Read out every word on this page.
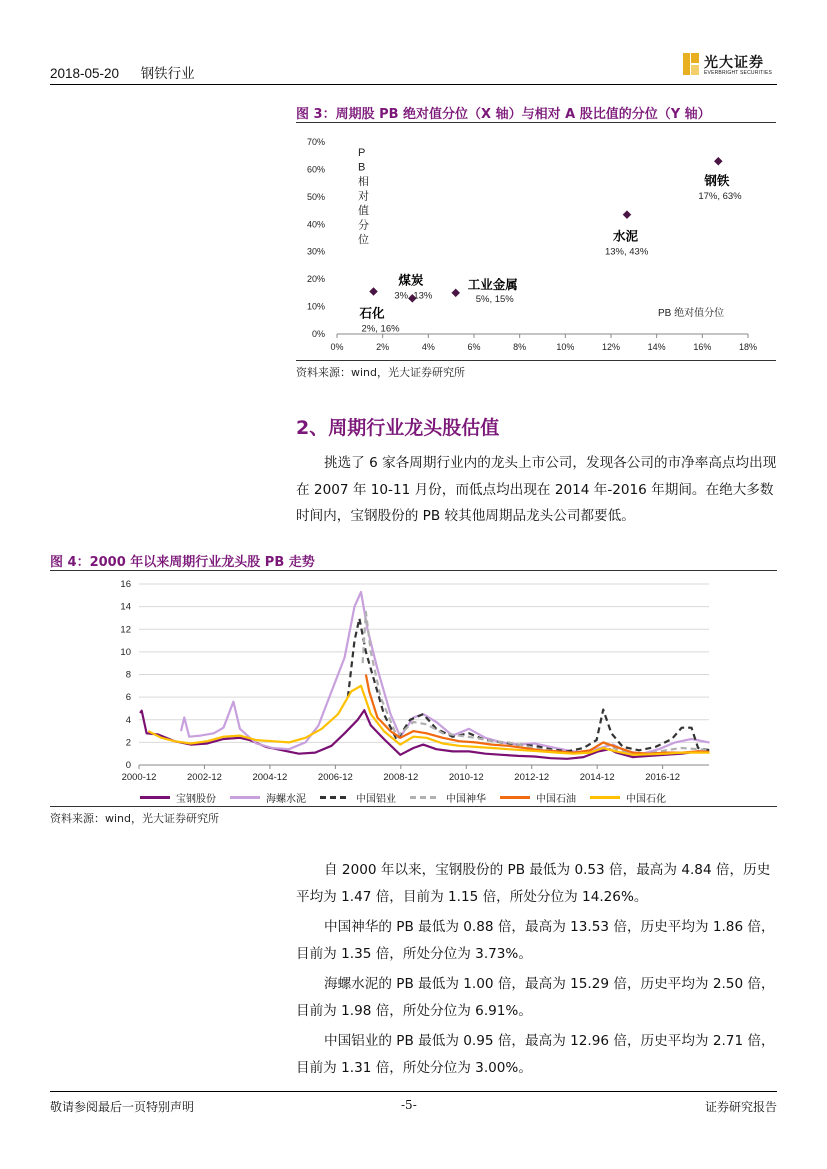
2018-05-20 钢铁行业
光大证券
EVERBRIGHT SECURITIES
图 3：周期股 PB 绝对值分位（X 轴）与相对 A 股比值的分位（Y 轴）
0%	2%	4%	6%	8%	10%	12%	14%	16%	18%
0%
10%
20%
30%
40%
50%
60%
70%
P B 相对值分位
PB 绝对值分位
石化
2%, 16%
煤炭
3%, 13%
工业金属
5%, 15%
水泥
13%, 43%
钢铁
17%, 63%
资料来源：wind，光大证券研究所
2、周期行业龙头股估值

挑选了 6 家各周期行业内的龙头上市公司，发现各公司的市净率高点均出现在 2007 年 10-11 月份，而低点均出现在 2014 年-2016 年期间。在绝大多数时间内，宝钢股份的 PB 较其他周期品龙头公司都要低。

图 4：2000 年以来周期行业龙头股 PB 走势
0
2
4
6
8
10
12
14
16
2000-12	2002-12	2004-12	2006-12	2008-12	2010-12	2012-12	2014-12	2016-12
宝钢股份	海螺水泥	中国铝业	中国神华	中国石油	中国石化
资料来源：wind，光大证券研究所

自 2000 年以来，宝钢股份的 PB 最低为 0.53 倍，最高为 4.84 倍，历史平均为 1.47 倍，目前为 1.15 倍，所处分位为 14.26%。

中国神华的 PB 最低为 0.88 倍，最高为 13.53 倍，历史平均为 1.86 倍，目前为 1.35 倍，所处分位为 3.73%。

海螺水泥的 PB 最低为 1.00 倍，最高为 15.29 倍，历史平均为 2.50 倍，目前为 1.98 倍，所处分位为 6.91%。

中国铝业的 PB 最低为 0.95 倍，最高为 12.96 倍，历史平均为 2.71 倍，目前为 1.31 倍，所处分位为 3.00%。

敬请参阅最后一页特别声明	-5-	证券研究报告
